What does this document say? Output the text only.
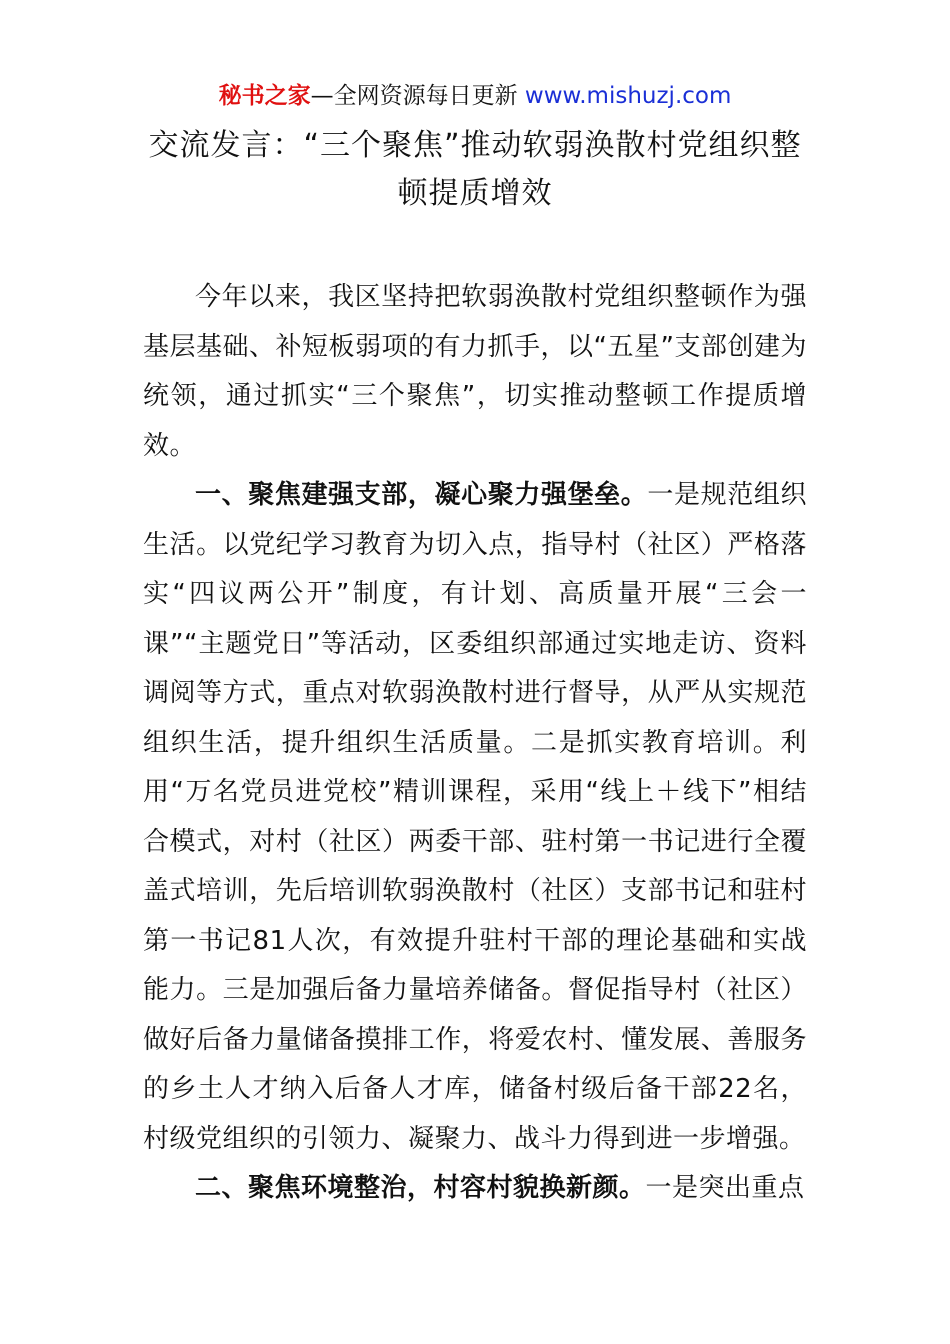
秘书之家—全网资源每日更新 www.mishuzj.com
交流发言：“三个聚焦”推动软弱涣散村党组织整顿提质增效

今年以来，我区坚持把软弱涣散村党组织整顿作为强基层基础、补短板弱项的有力抓手，以“五星”支部创建为统领，通过抓实“三个聚焦”，切实推动整顿工作提质增效。

一、聚焦建强支部，凝心聚力强堡垒。一是规范组织生活。以党纪学习教育为切入点，指导村（社区）严格落实“四议两公开”制度，有计划、高质量开展“三会一课”“主题党日”等活动，区委组织部通过实地走访、资料调阅等方式，重点对软弱涣散村进行督导，从严从实规范组织生活，提升组织生活质量。二是抓实教育培训。利用“万名党员进党校”精训课程，采用“线上＋线下”相结合模式，对村（社区）两委干部、驻村第一书记进行全覆盖式培训，先后培训软弱涣散村（社区）支部书记和驻村第一书记81人次，有效提升驻村干部的理论基础和实战能力。三是加强后备力量培养储备。督促指导村（社区）做好后备力量储备摸排工作，将爱农村、懂发展、善服务的乡土人才纳入后备人才库，储备村级后备干部22名，村级党组织的引领力、凝聚力、战斗力得到进一步增强。

二、聚焦环境整治，村容村貌换新颜。一是突出重点
